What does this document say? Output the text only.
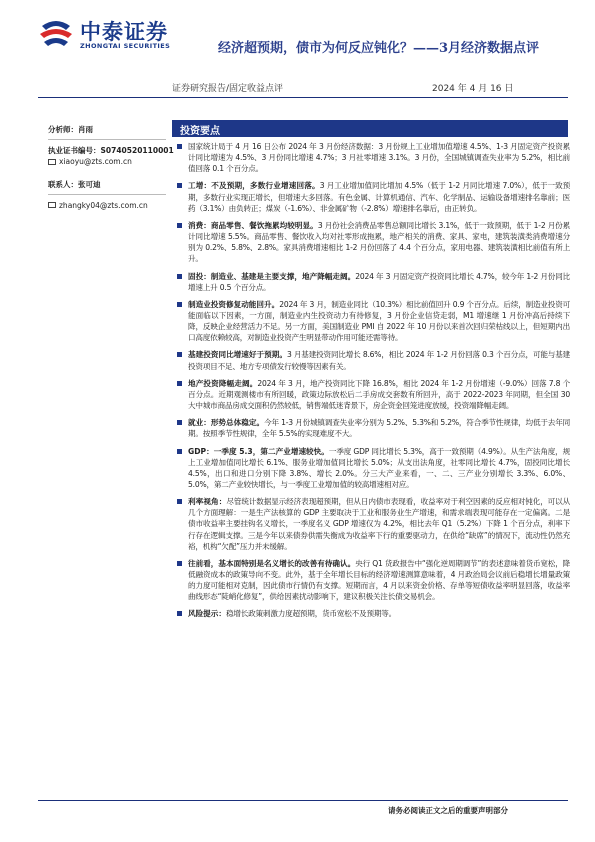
中泰证券
ZHONGTAI SECURITIES	经济超预期，债市为何反应钝化？——3月经济数据点评
证券研究报告/固定收益点评	2024 年 4 月 16 日
分析师：肖雨
执业证书编号：S0740520110001
xiaoyu@zts.com.cn
联系人：张可迪
zhangky04@zts.com.cn
投资要点
国家统计局于 4 月 16 日公布 2024 年 3 月份经济数据：3 月份规上工业增加值增速 4.5%、1-3 月固定资产投资累计同比增速为 4.5%、3 月份同比增速 4.7%；3 月社零增速 3.1%。3 月份，全国城镇调查失业率为 5.2%，相比前值回落 0.1 个百分点。
工增：不及预期，多数行业增速回落。3 月工业增加值同比增加 4.5%（低于 1-2 月同比增速 7.0%），低于一致预期，多数行业实现正增长，但增速大多回落。有色金属、计算机通信、汽车、化学制品、运输设备增速排名靠前；医药（3.1%）由负转正；煤炭（-1.6%）、非金属矿物（-2.8%）增速排名靠后，由正转负。
消费：商品零售、餐饮拖累均较明显。3 月份社会消费品零售总额同比增长 3.1%，低于一致预期，低于 1-2 月份累计同比增速 5.5%。商品零售、餐饮收入均对社零形成拖累，地产相关的消费、家具、家电，建筑装潢类消费增速分别为 0.2%、5.8%、2.8%。家具消费增速相比 1-2 月份回落了 4.4 个百分点，家用电器、建筑装潢相比前值有所上升。
固投：制造业、基建是主要支撑，地产降幅走阔。2024 年 3 月固定资产投资同比增长 4.7%，较今年 1-2 月份同比增速上升 0.5 个百分点。
制造业投资修复动能回升。2024 年 3 月，制造业同比（10.3%）相比前值回升 0.9 个百分点。后续，制造业投资可能面临以下因素，一方面，制造业内生投资动力有待修复，3 月份企业信贷走弱，M1 增速继 1 月份冲高后持续下降，反映企业经营活力不足。另一方面，美国制造业 PMI 自 2022 年 10 月份以来首次回归荣枯线以上，但短期内出口高度依赖较高，对制造业投资产生明显带动作用可能还需等待。
基建投资同比增速好于预期。3 月基建投资同比增长 8.6%，相比 2024 年 1-2 月份回落 0.3 个百分点，可能与基建投资项目不足、地方专项债发行较慢等因素有关。
地产投资降幅走阔。2024 年 3 月，地产投资同比下降 16.8%，相比 2024 年 1-2 月份增速（-9.0%）回落 7.8 个百分点。近期观测楼市有所回暖，政策边际放松后二手房成交套数有所回升，高于 2022-2023 年同期，但全国 30 大中城市商品房成交面积仍然较低，销售端低迷背景下，房企资金回笼进度放缓，投资端降幅走阔。
就业：形势总体稳定。今年 1-3 月份城镇调查失业率分别为 5.2%、5.3%和 5.2%，符合季节性规律，均低于去年同期。按照季节性规律，全年 5.5%的实现难度不大。
GDP：一季度 5.3，第二产业增速较快。一季度 GDP 同比增长 5.3%，高于一致预期（4.9%）。从生产法角度，规上工业增加值同比增长 6.1%、服务业增加值同比增长 5.0%；从支出法角度，社零同比增长 4.7%，固投同比增长 4.5%，出口和进口分别下降 3.8%、增长 2.0%。分三大产业来看，一、二、三产业分别增长 3.3%、6.0%、5.0%，第二产业较快增长，与一季度工业增加值的较高增速相对应。
利率视角：尽管统计数据显示经济表现超预期，但从日内债市表现看，收益率对于利空因素的反应相对钝化，可以从几个方面理解：一是生产法核算的 GDP 主要取决于工业和服务业生产增速，和需求端表现可能存在一定偏离。二是债市收益率主要挂钩名义增长，一季度名义 GDP 增速仅为 4.2%，相比去年 Q1（5.2%）下降 1 个百分点，利率下行存在逻辑支撑。三是今年以来债券供需失衡成为收益率下行的重要驱动力，在供给“缺席”的情况下，流动性仍然充裕，机构“欠配”压力并未缓解。
往前看，基本面特别是名义增长的改善有待确认。央行 Q1 货政报告中“强化逆周期调节”的表述意味着货币宽松，降低融资成本的政策导向不变。此外，基于全年增长目标的经济增速测算意味着，4 月政治局会议前后稳增长增量政策的力度可能相对克制，因此债市行情仍有支撑。短期而言，4 月以来资金价格、存单等短债收益率明显回落，收益率曲线形态“陡峭化修复”，供给因素扰动影响下，建议积极关注长债交易机会。
风险提示：稳增长政策刺激力度超预期，货币宽松不及预期等。
请务必阅读正文之后的重要声明部分
